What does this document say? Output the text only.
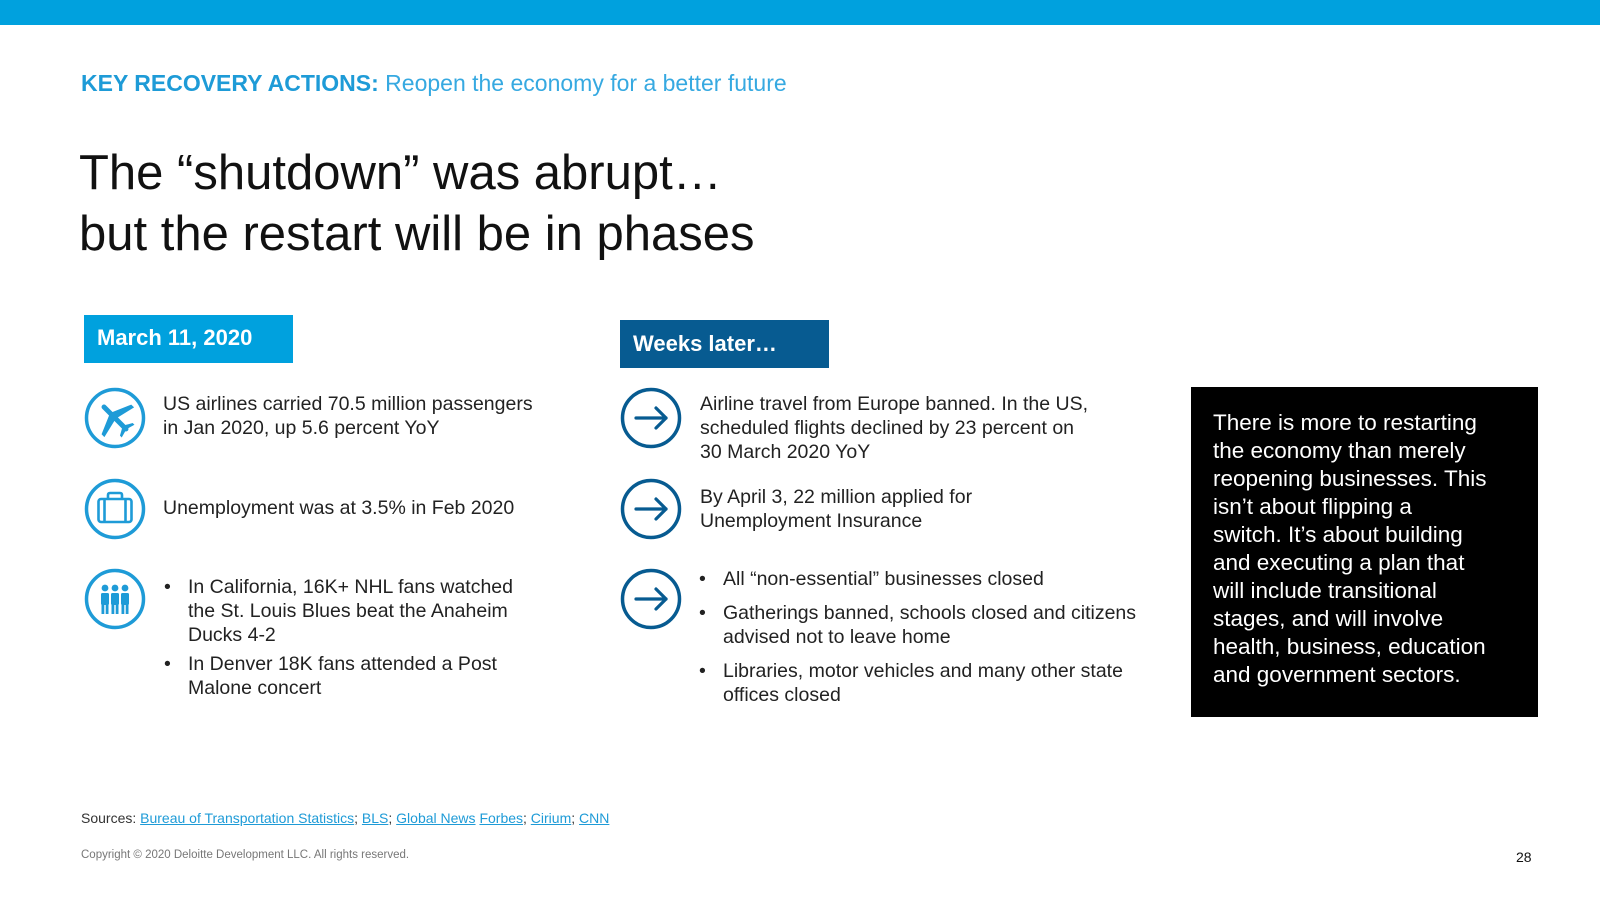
KEY RECOVERY ACTIONS: Reopen the economy for a better future
The “shutdown” was abrupt…
but the restart will be in phases
March 11, 2020
US airlines carried 70.5 million passengers
in Jan 2020, up 5.6 percent YoY
Unemployment was at 3.5% in Feb 2020
• In California, 16K+ NHL fans watched
the St. Louis Blues beat the Anaheim
Ducks 4-2
• In Denver 18K fans attended a Post
Malone concert
Weeks later…
Airline travel from Europe banned. In the US,
scheduled flights declined by 23 percent on
30 March 2020 YoY
By April 3, 22 million applied for
Unemployment Insurance
• All “non-essential” businesses closed
• Gatherings banned, schools closed and citizens
advised not to leave home
• Libraries, motor vehicles and many other state
offices closed
There is more to restarting
the economy than merely
reopening businesses. This
isn’t about flipping a
switch. It’s about building
and executing a plan that
will include transitional
stages, and will involve
health, business, education
and government sectors.
Sources: Bureau of Transportation Statistics; BLS; Global News Forbes; Cirium; CNN
Copyright © 2020 Deloitte Development LLC. All rights reserved.	28
